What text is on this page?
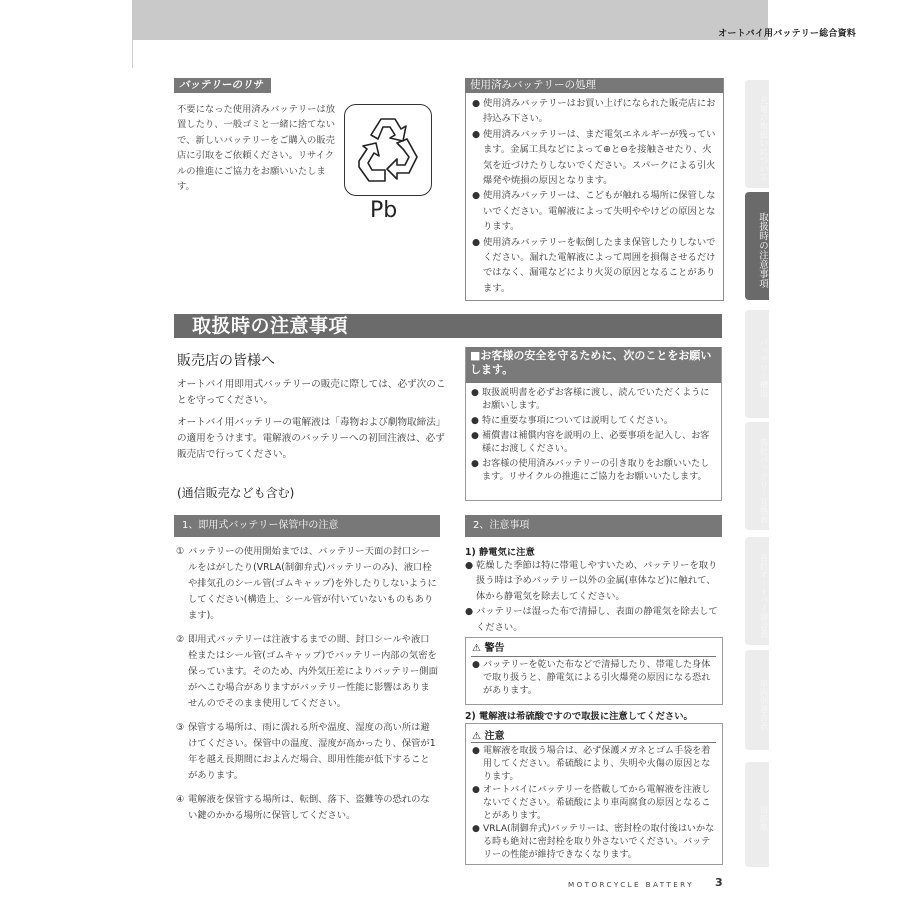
オートバイ用バッテリー総合資料
バッテリーのリサイクル
不要になった使用済みバッテリーは放置したり、一般ゴミと一緒に捨てないで、新しいバッテリーをご購入の販売店に引取をご依頼ください。リサイクルの推進にご協力をお願いいたします。
Pb
使用済みバッテリーの処理
● 使用済みバッテリーはお買い上げになられた販売店にお持込み下さい。
● 使用済みバッテリーは、まだ電気エネルギーが残っています。金属工具などによって⊕と⊖を接触させたり、火気を近づけたりしないでください。スパークによる引火爆発や焼損の原因となります。
● 使用済みバッテリーは、こどもが触れる場所に保管しないでください。電解液によって失明ややけどの原因となります。
● 使用済みバッテリーを転倒したまま保管したりしないでください。漏れた電解液によって周囲を損傷させるだけではなく、漏電などにより火災の原因となることがあります。
取扱時の注意事項
販売店の皆様へ
オートバイ用即用式バッテリーの販売に際しては、必ず次のことを守ってください。
オートバイ用バッテリーの電解液は「毒物および劇物取締法」の適用をうけます。電解液のバッテリーへの初回注液は、必ず販売店で行ってください。
(通信販売なども含む)
■お客様の安全を守るために、次のことをお願いします。
● 取扱説明書を必ずお客様に渡し、読んでいただくようにお願いします。
● 特に重要な事項については説明してください。
● 補償書は補償内容を説明の上、必要事項を記入し、お客様にお渡しください。
● お客様の使用済みバッテリーの引き取りをお願いいたします。リサイクルの推進にご協力をお願いいたします。
1、即用式バッテリー保管中の注意
① バッテリーの使用開始までは、バッテリー天面の封口シールをはがしたり(VRLA(制御弁式)バッテリーのみ)、液口栓や排気孔のシール管(ゴムキャップ)を外したりしないようにしてください(構造上、シール管が付いていないものもあります)。
② 即用式バッテリーは注液するまでの間、封口シールや液口栓またはシール管(ゴムキャップ)でバッテリー内部の気密を保っています。そのため、内外気圧差によりバッテリー側面がへこむ場合がありますがバッテリー性能に影響はありませんのでそのまま使用してください。
③ 保管する場所は、雨に濡れる所や温度、湿度の高い所は避けてください。保管中の温度、湿度が高かったり、保管が1年を越え長期間におよんだ場合、即用性能が低下することがあります。
④ 電解液を保管する場所は、転倒、落下、盗難等の恐れのない鍵のかかる場所に保管してください。
2、注意事項
1) 静電気に注意
● 乾燥した季節は特に帯電しやすいため、バッテリーを取り扱う時は予めバッテリー以外の金属(車体など)に触れて、体から静電気を除去してください。
● バッテリーは湿った布で清掃し、表面の静電気を除去してください。
⚠ 警告
● バッテリーを乾いた布などで清掃したり、帯電した身体で取り扱うと、静電気による引火爆発の原因になる恐れがあります。
2) 電解液は希硫酸ですので取扱に注意してください。
⚠ 注意
● 電解液を取扱う場合は、必ず保護メガネとゴム手袋を着用してください。希硫酸により、失明や火傷の原因となります。
● オートバイにバッテリーを搭載してから電解液を注液しないでください。希硫酸により車両腐食の原因となることがあります。
● VRLA(制御弁式)バッテリーは、密封栓の取付後はいかなる時も絶対に密封栓を取り外さないでください。バッテリーの性能が維持できなくなります。
充電の取扱いについて
取扱時の注意事項
バッテリー構造
各社バッテリー互換表
各社オートバイ適合表
車両別適合表
用語集
MOTORCYCLE BATTERY 3
